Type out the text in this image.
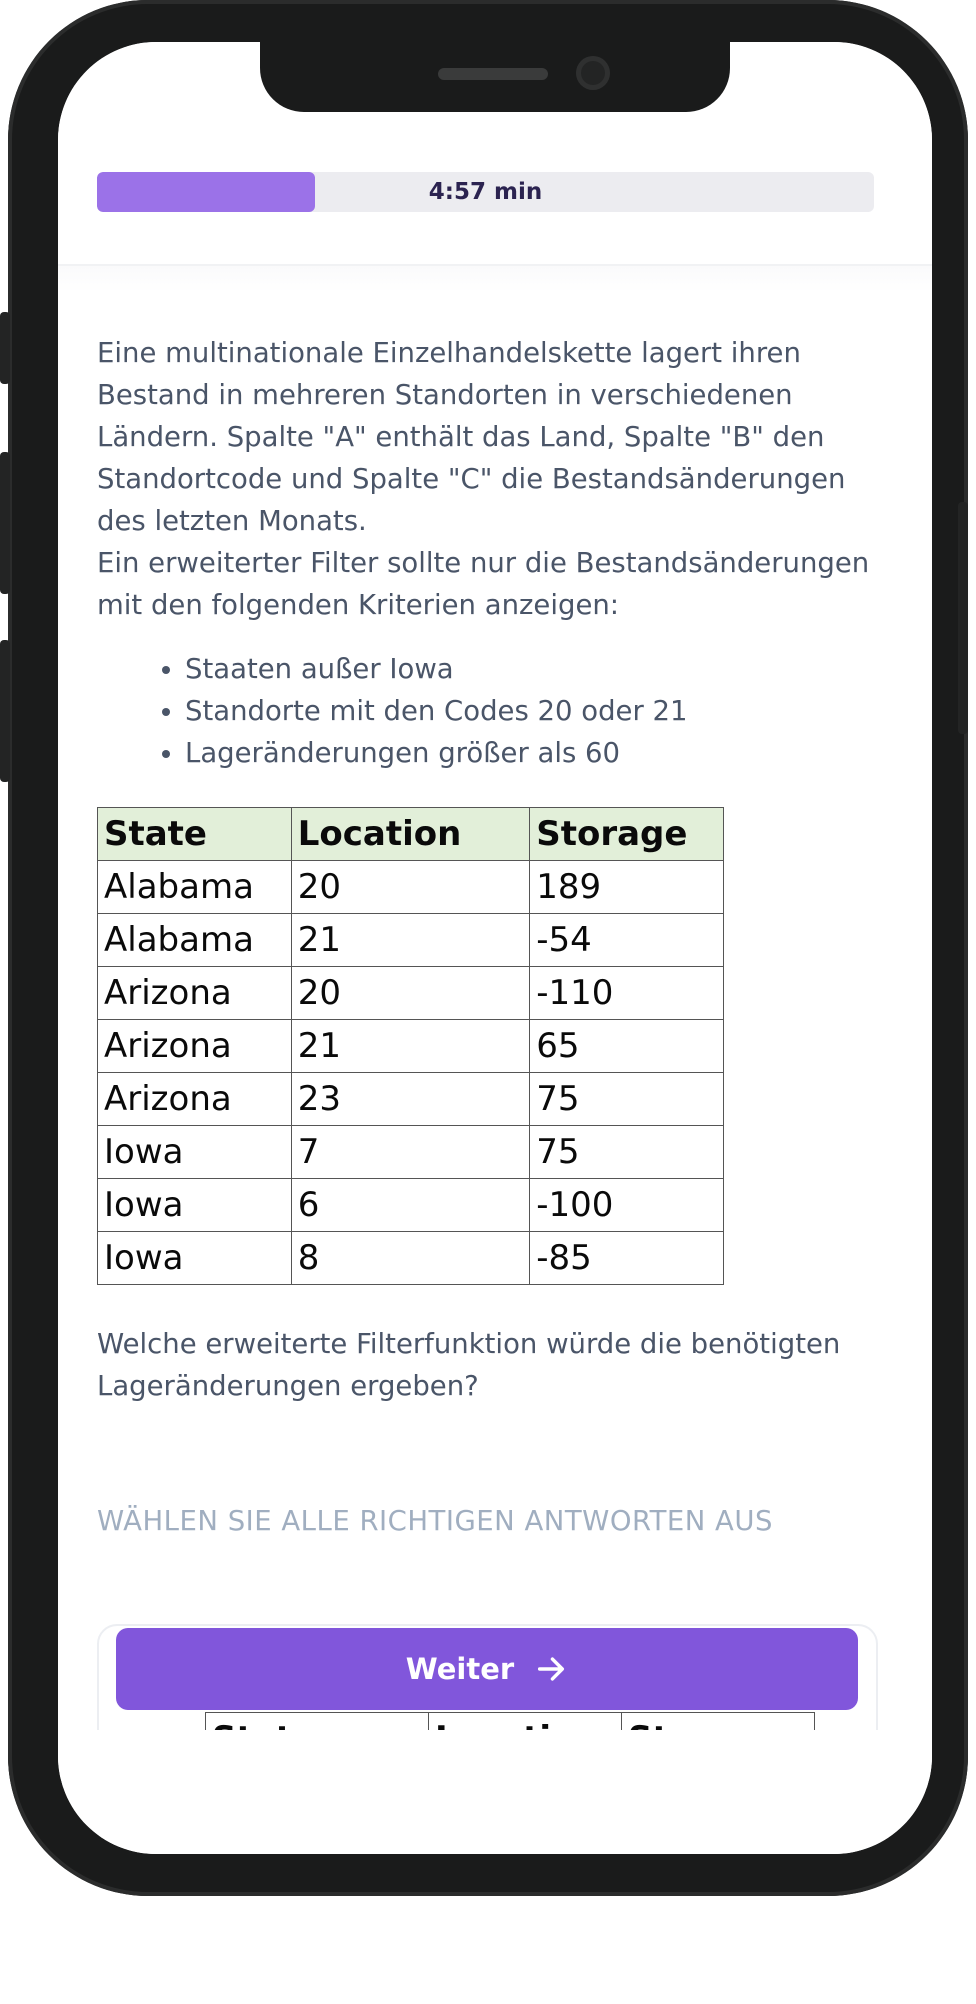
4:57 min

Eine multinationale Einzelhandelskette lagert ihren Bestand in mehreren Standorten in verschiedenen Ländern. Spalte "A" enthält das Land, Spalte "B" den Standortcode und Spalte "C" die Bestandsänderungen des letzten Monats.

Ein erweiterter Filter sollte nur die Bestandsänderungen mit den folgenden Kriterien anzeigen:

• Staaten außer Iowa
• Standorte mit den Codes 20 oder 21
• Lageränderungen größer als 60
State	Location	Storage
Alabama	20	189
Alabama	21	-54
Arizona	20	-110
Arizona	21	65
Arizona	23	75
Iowa	7	75
Iowa	6	-100
Iowa	8	-85
Welche erweiterte Filterfunktion würde die benötigten Lageränderungen ergeben?
WÄHLEN SIE ALLE RICHTIGEN ANTWORTEN AUS

Weiter
